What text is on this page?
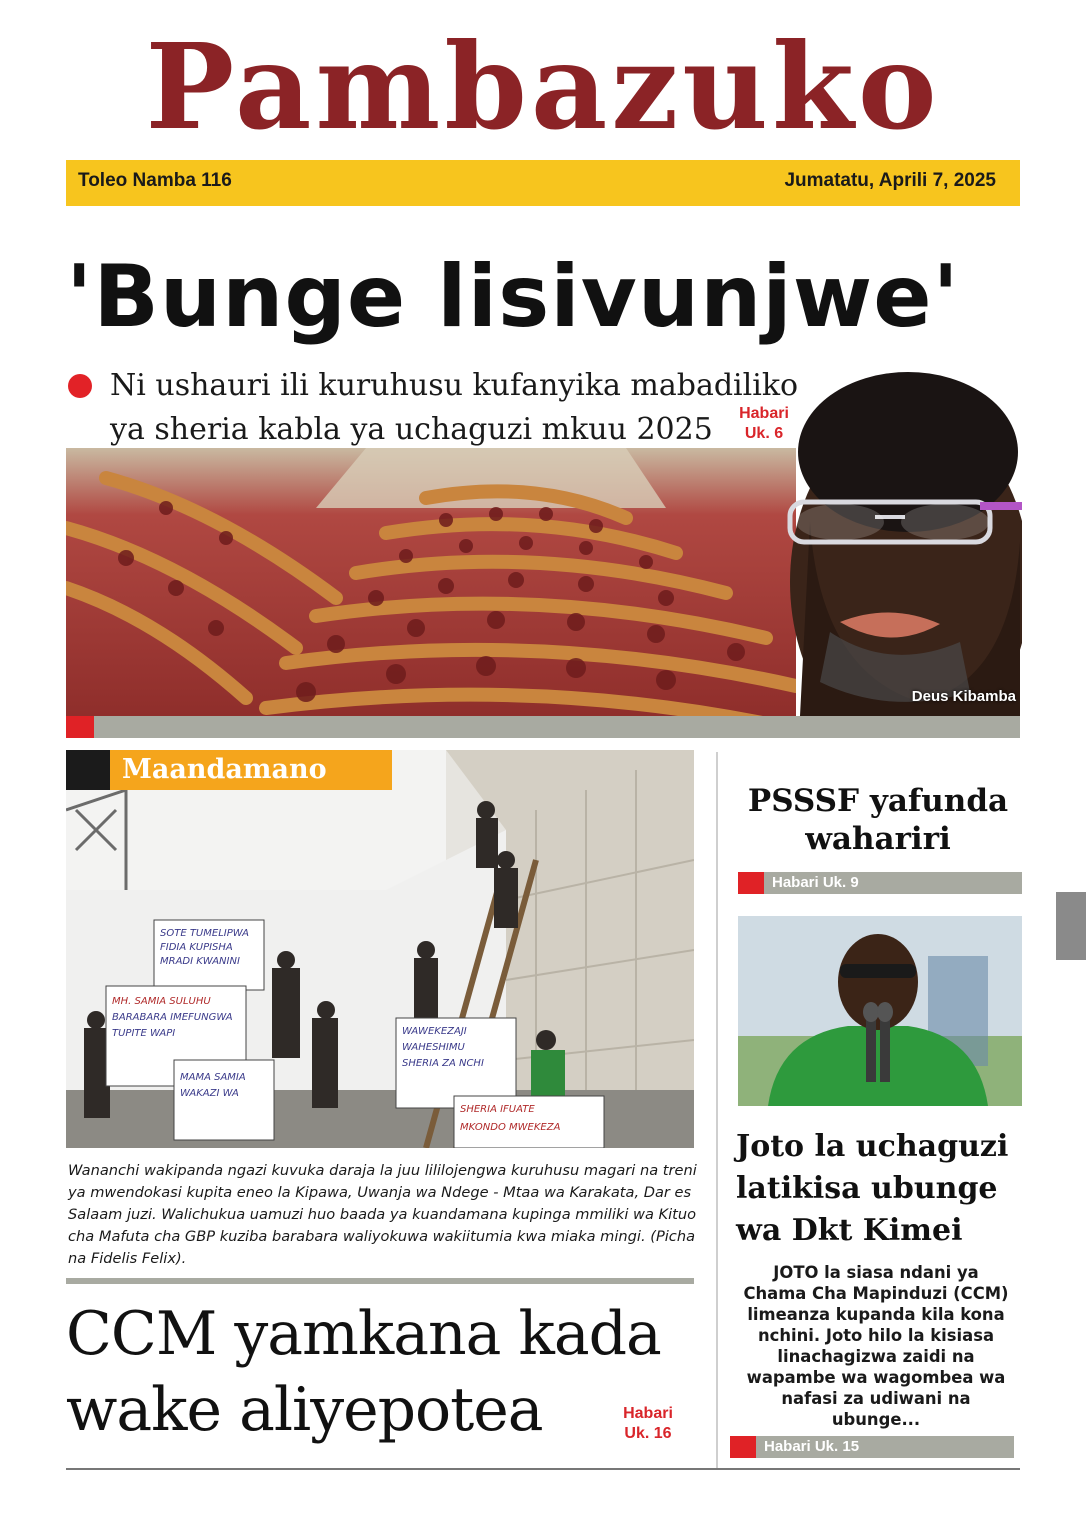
Pambazuko
Toleo Namba 116	Jumatatu, Aprili 7, 2025
'Bunge lisivunjwe'
Ni ushauri ili kuruhusu kufanyika mabadiliko
ya sheria kabla ya uchaguzi mkuu 2025	Habari
Uk. 6
Deus Kibamba
SOTE TUMELIPWA
FIDIA KUPISHA
MRADI KWANINI
MH. SAMIA SULUHU
BARABARA IMEFUNGWA
TUPITE WAPI	WAWEKEZAJI
WAHESHIMU
SHERIA ZA NCHI
SHERIA IFUATE
MKONDO MWEKEZA
MAMA SAMIA
WAKAZI WA
Maandamano
Wananchi wakipanda ngazi kuvuka daraja la juu lililojengwa kuruhusu magari na treni ya mwendokasi kupita eneo la Kipawa, Uwanja wa Ndege - Mtaa wa Karakata, Dar es Salaam juzi. Walichukua uamuzi huo baada ya kuandamana kupinga mmiliki wa Kituo cha Mafuta cha GBP kuziba barabara waliyokuwa wakiitumia kwa miaka mingi. (Picha na Fidelis Felix).
CCM yamkana kada
wake aliyepotea	Habari
Uk. 16
PSSSF yafunda wahariri
Habari Uk. 9
Joto la uchaguzi latikisa ubunge wa Dkt Kimei
JOTO la siasa ndani ya Chama Cha Mapinduzi (CCM) limeanza kupanda kila kona nchini. Joto hilo la kisiasa linachagizwa zaidi na wapambe wa wagombea wa nafasi za udiwani na ubunge...
Habari Uk. 15
